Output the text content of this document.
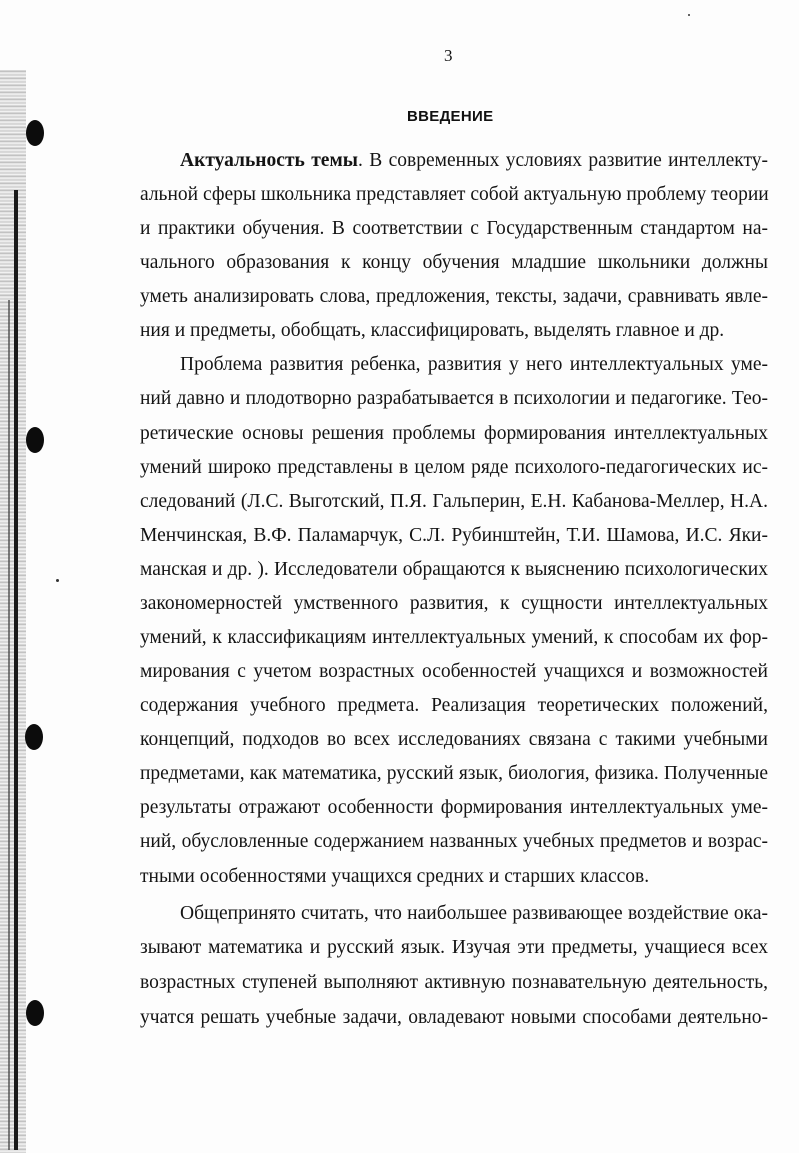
3
ВВЕДЕНИЕ
Актуальность темы. В современных условиях развитие интеллекту-
альной сферы школьника представляет собой актуальную проблему теории
и практики обучения. В соответствии с Государственным стандартом на-
чального образования к концу обучения младшие школьники должны
уметь анализировать слова, предложения, тексты, задачи, сравнивать явле-
ния и предметы, обобщать, классифицировать, выделять главное и др.
Проблема развития ребенка, развития у него интеллектуальных уме-
ний давно и плодотворно разрабатывается в психологии и педагогике. Тео-
ретические основы решения проблемы формирования интеллектуальных
умений широко представлены в целом ряде психолого-педагогических ис-
следований (Л.С. Выготский, П.Я. Гальперин, Е.Н. Кабанова-Меллер, Н.А.
Менчинская, В.Ф. Паламарчук, С.Л. Рубинштейн, Т.И. Шамова, И.С. Яки-
манская и др. ). Исследователи обращаются к выяснению психологических
закономерностей умственного развития, к сущности интеллектуальных
умений, к классификациям интеллектуальных умений, к способам их фор-
мирования с учетом возрастных особенностей учащихся и возможностей
содержания учебного предмета. Реализация теоретических положений,
концепций, подходов во всех исследованиях связана с такими учебными
предметами, как математика, русский язык, биология, физика. Полученные
результаты отражают особенности формирования интеллектуальных уме-
ний, обусловленные содержанием названных учебных предметов и возрас-
тными особенностями учащихся средних и старших классов.
Общепринято считать, что наибольшее развивающее воздействие ока-
зывают математика и русский язык. Изучая эти предметы, учащиеся всех
возрастных ступеней выполняют активную познавательную деятельность,
учатся решать учебные задачи, овладевают новыми способами деятельно-
